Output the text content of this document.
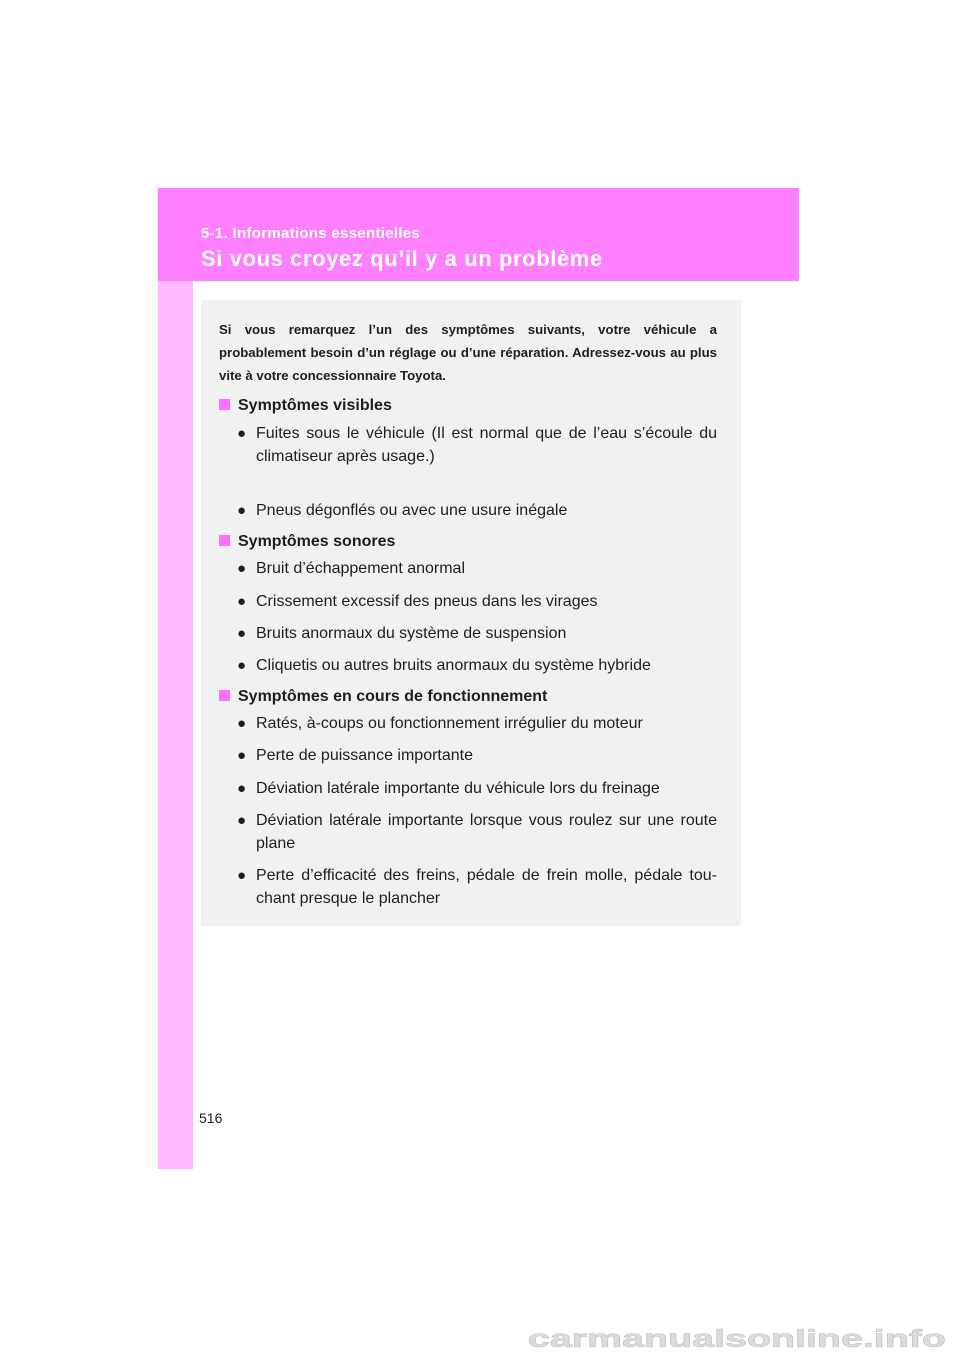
5-1. Informations essentielles
Si vous croyez qu’il y a un problème
Si vous remarquez l’un des symptômes suivants, votre véhicule a probablement besoin d’un réglage ou d’une réparation. Adressez-vous au plus vite à votre concessionnaire Toyota.
Symptômes visibles
● Fuites sous le véhicule (Il est normal que de l’eau s’écoule du climatiseur après usage.)
● Pneus dégonflés ou avec une usure inégale
Symptômes sonores
● Bruit d’échappement anormal
● Crissement excessif des pneus dans les virages
● Bruits anormaux du système de suspension
● Cliquetis ou autres bruits anormaux du système hybride
Symptômes en cours de fonctionnement
● Ratés, à-coups ou fonctionnement irrégulier du moteur
● Perte de puissance importante
● Déviation latérale importante du véhicule lors du freinage
● Déviation latérale importante lorsque vous roulez sur une route plane
● Perte d’efficacité des freins, pédale de frein molle, pédale tou-chant presque le plancher
516
carmanualsonline.info
